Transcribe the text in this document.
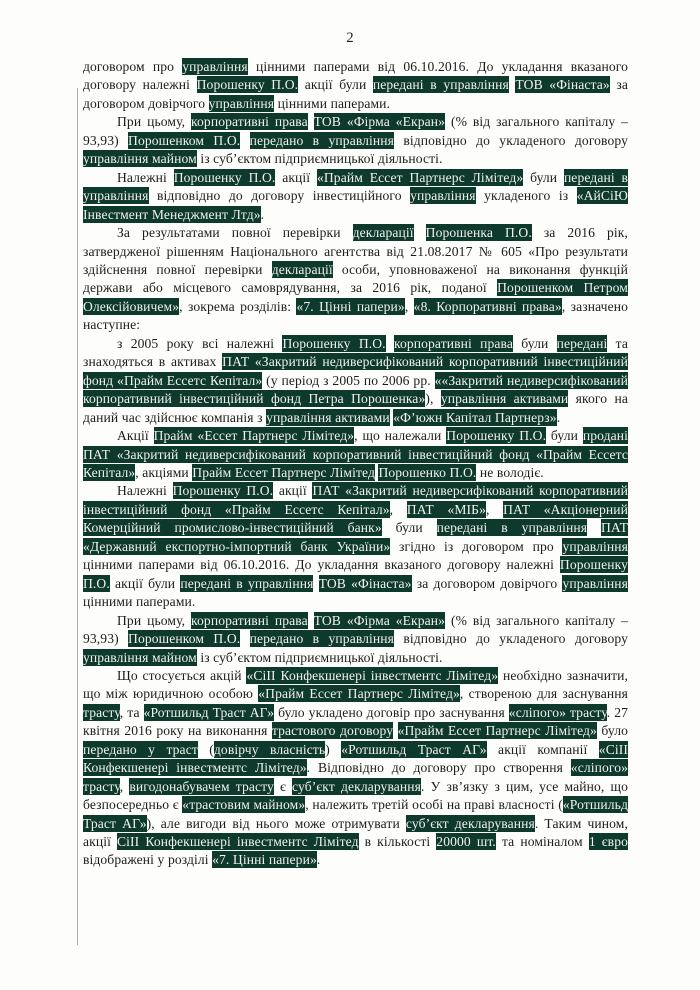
2

договором про управління цінними паперами від 06.10.2016. До укладання вказаного договору належні Порошенку П.О. акції були передані в управління ТОВ «Фінаста» за договором довірчого управління цінними паперами.

При цьому, корпоративні права ТОВ «Фірма «Екран» (% від загального капіталу – 93,93) Порошенком П.О. передано в управління відповідно до укладеного договору управління майном із суб’єктом підприємницької діяльності.

Належні Порошенку П.О. акції «Прайм Ессет Партнерс Лімітед» були передані в управління відповідно до договору інвестиційного управління укладеного із «АйСіЮ Інвестмент Менеджмент Лтд».

За результатами повної перевірки декларації Порошенка П.О. за 2016 рік, затвердженої рішенням Національного агентства від 21.08.2017 № 605 «Про результати здійснення повної перевірки декларації особи, уповноваженої на виконання функцій держави або місцевого самоврядування, за 2016 рік, поданої Порошенком Петром Олексійовичем», зокрема розділів: «7. Цінні папери», «8. Корпоративні права», зазначено наступне:

з 2005 року всі належні Порошенку П.О. корпоративні права були передані та знаходяться в активах ПАТ «Закритий недиверсифікований корпоративний інвестиційний фонд «Прайм Ессетс Кепітал» (у період з 2005 по 2006 рр. ««Закритий недиверсифікований корпоративний інвестиційний фонд Петра Порошенка»), управління активами якого на даний час здійснює компанія з управління активами «Ф’южн Капітал Партнерз».

Акції Прайм «Ессет Партнерс Лімітед», що належали Порошенку П.О. були продані ПАТ «Закритий недиверсифікований корпоративний інвестиційний фонд «Прайм Ессетс Кепітал», акціями Прайм Ессет Партнерс Лімітед Порошенко П.О. не володіє.

Належні Порошенку П.О. акції ПАТ «Закритий недиверсифікований корпоративний інвестиційний фонд «Прайм Ессетс Кепітал», ПАТ «МІБ», ПАТ «Акціонерний Комерційний промислово-інвестиційний банк» були передані в управління ПАТ «Державний експортно-імпортний банк України» згідно із договором про управління цінними паперами від 06.10.2016. До укладання вказаного договору належні Порошенку П.О. акції були передані в управління ТОВ «Фінаста» за договором довірчого управління цінними паперами.

При цьому, корпоративні права ТОВ «Фірма «Екран» (% від загального капіталу – 93,93) Порошенком П.О. передано в управління відповідно до укладеного договору управління майном із суб’єктом підприємницької діяльності.

Що стосується акцій «СіІІ Конфекшенері інвестментс Лімітед» необхідно зазначити, що між юридичною особою «Прайм Ессет Партнерс Лімітед», створеною для заснування трасту, та «Ротшильд Траст АГ» було укладено договір про заснування «сліпого» трасту. 27 квітня 2016 року на виконання трастового договору «Прайм Ессет Партнерс Лімітед» було передано у траст (довірчу власність) «Ротшильд Траст АГ» акції компанії «СіІІ Конфекшенері інвестментс Лімітед». Відповідно до договору про створення «сліпого» трасту, вигодонабувачем трасту є суб’єкт декларування. У зв’язку з цим, усе майно, що безпосередньо є «трастовим майном», належить третій особі на праві власності («Ротшильд Траст АГ»), але вигоди від нього може отримувати суб’єкт декларування. Таким чином, акції СіІІ Конфекшенері інвестментс Лімітед в кількості 20000 шт. та номіналом 1 євро відображені у розділі «7. Цінні папери».
